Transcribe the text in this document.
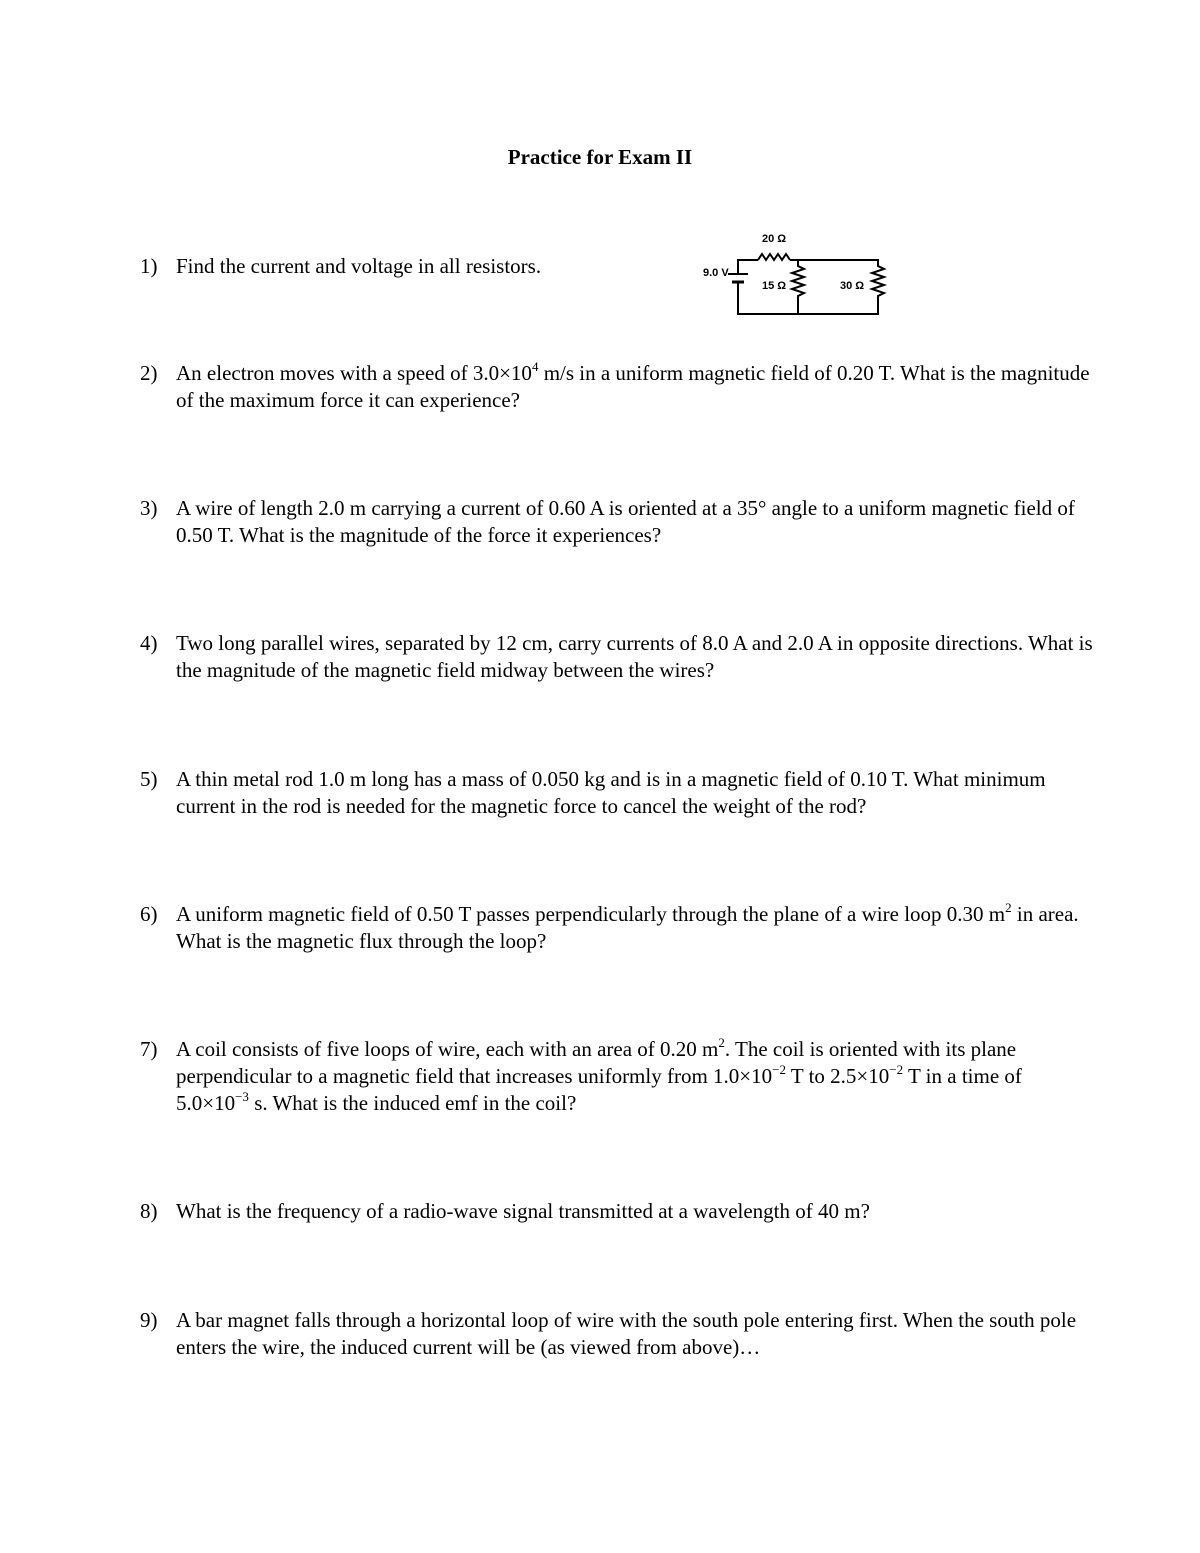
Practice for Exam II
1) Find the current and voltage in all resistors.	9.0 V
20 Ω
15 Ω	30 Ω
2) An electron moves with a speed of $3.0\times 10^4$ m/s in a uniform magnetic field of 0.20 T. What is the magnitude of the maximum force it can experience?
3) A wire of length 2.0 m carrying a current of 0.60 A is oriented at a 35° angle to a uniform magnetic field of 0.50 T. What is the magnitude of the force it experiences?
4) Two long parallel wires, separated by 12 cm, carry currents of 8.0 A and 2.0 A in opposite directions. What is the magnitude of the magnetic field midway between the wires?
5) A thin metal rod 1.0 m long has a mass of 0.050 kg and is in a magnetic field of 0.10 T. What minimum current in the rod is needed for the magnetic force to cancel the weight of the rod?
6) A uniform magnetic field of 0.50 T passes perpendicularly through the plane of a wire loop 0.30 $m^2$ in area. What is the magnetic flux through the loop?
7) A coil consists of five loops of wire, each with an area of 0.20 $m^2$. The coil is oriented with its plane perpendicular to a magnetic field that increases uniformly from $1.0\times 10^{-2}$ T to $2.5\times 10^{-2}$ T in a time of $5.0\times 10^{-3}$ s. What is the induced emf in the coil?
8) What is the frequency of a radio-wave signal transmitted at a wavelength of 40 m?
9) A bar magnet falls through a horizontal loop of wire with the south pole entering first. When the south pole enters the wire, the induced current will be (as viewed from above)…
